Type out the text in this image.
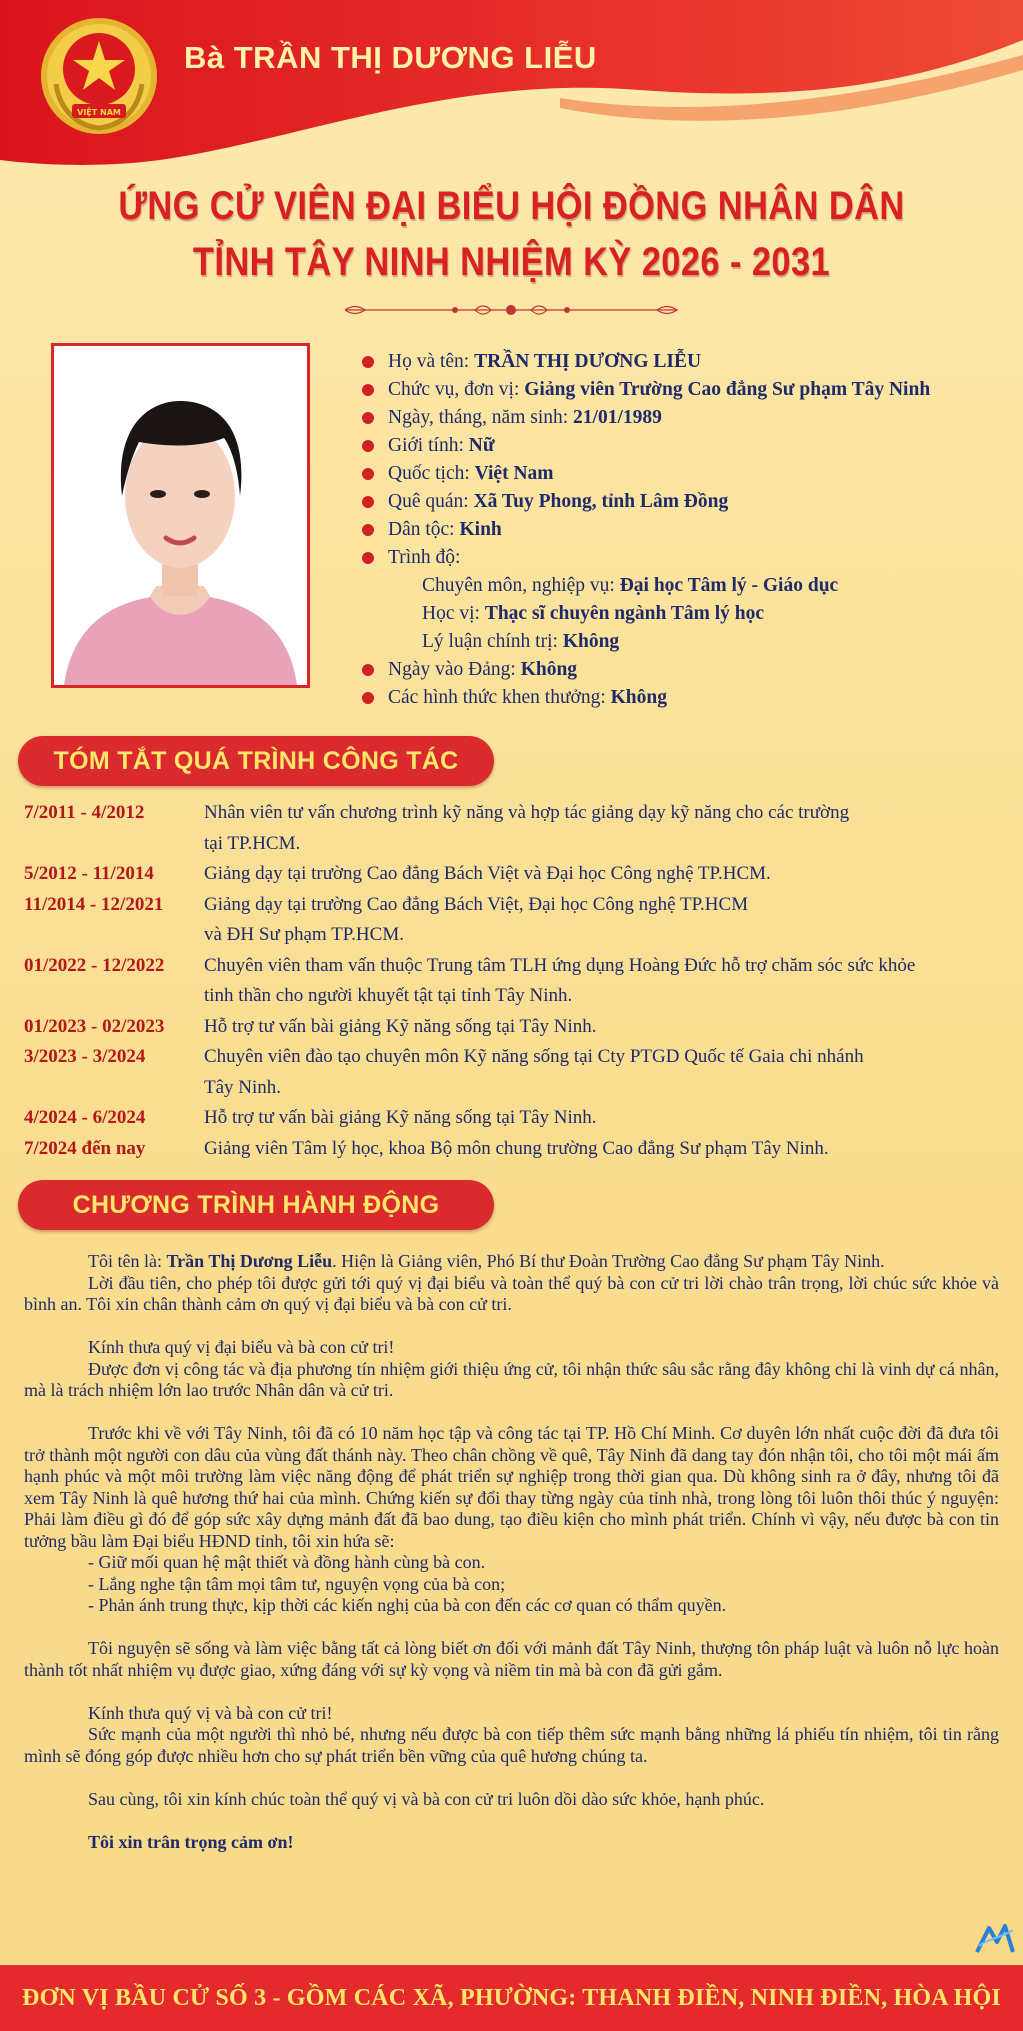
VIỆT NAM
Bà TRẦN THỊ DƯƠNG LIỄU
ỨNG CỬ VIÊN ĐẠI BIỂU HỘI ĐỒNG NHÂN DÂN
TỈNH TÂY NINH NHIỆM KỲ 2026 - 2031
Họ và tên: TRẦN THỊ DƯƠNG LIỄU
Chức vụ, đơn vị: Giảng viên Trường Cao đẳng Sư phạm Tây Ninh
Ngày, tháng, năm sinh: 21/01/1989
Giới tính: Nữ
Quốc tịch: Việt Nam
Quê quán: Xã Tuy Phong, tỉnh Lâm Đồng
Dân tộc: Kinh
Trình độ:
Chuyên môn, nghiệp vụ: Đại học Tâm lý - Giáo dục
Học vị: Thạc sĩ chuyên ngành Tâm lý học
Lý luận chính trị: Không
Ngày vào Đảng: Không
Các hình thức khen thưởng: Không
TÓM TẮT QUÁ TRÌNH CÔNG TÁC
7/2011 - 4/2012	Nhân viên tư vấn chương trình kỹ năng và hợp tác giảng dạy kỹ năng cho các trường
tại TP.HCM.
5/2012 - 11/2014	Giảng dạy tại trường Cao đẳng Bách Việt và Đại học Công nghệ TP.HCM.
11/2014 - 12/2021	Giảng dạy tại trường Cao đẳng Bách Việt, Đại học Công nghệ TP.HCM
và ĐH Sư phạm TP.HCM.
01/2022 - 12/2022	Chuyên viên tham vấn thuộc Trung tâm TLH ứng dụng Hoàng Đức hỗ trợ chăm sóc sức khỏe
tinh thần cho người khuyết tật tại tỉnh Tây Ninh.
01/2023 - 02/2023	Hỗ trợ tư vấn bài giảng Kỹ năng sống tại Tây Ninh.
3/2023 - 3/2024	Chuyên viên đào tạo chuyên môn Kỹ năng sống tại Cty PTGD Quốc tế Gaia chi nhánh
Tây Ninh.
4/2024 - 6/2024	Hỗ trợ tư vấn bài giảng Kỹ năng sống tại Tây Ninh.
7/2024 đến nay	Giảng viên Tâm lý học, khoa Bộ môn chung trường Cao đẳng Sư phạm Tây Ninh.
CHƯƠNG TRÌNH HÀNH ĐỘNG

Tôi tên là: Trần Thị Dương Liễu. Hiện là Giảng viên, Phó Bí thư Đoàn Trường Cao đẳng Sư phạm Tây Ninh.

Lời đầu tiên, cho phép tôi được gửi tới quý vị đại biểu và toàn thể quý bà con cử tri lời chào trân trọng, lời chúc sức khỏe và bình an. Tôi xin chân thành cảm ơn quý vị đại biểu và bà con cử tri.

Kính thưa quý vị đại biểu và bà con cử tri!

Được đơn vị công tác và địa phương tín nhiệm giới thiệu ứng cử, tôi nhận thức sâu sắc rằng đây không chỉ là vinh dự cá nhân, mà là trách nhiệm lớn lao trước Nhân dân và cử tri.

Trước khi về với Tây Ninh, tôi đã có 10 năm học tập và công tác tại TP. Hồ Chí Minh. Cơ duyên lớn nhất cuộc đời đã đưa tôi trở thành một người con dâu của vùng đất thánh này. Theo chân chồng về quê, Tây Ninh đã dang tay đón nhận tôi, cho tôi một mái ấm hạnh phúc và một môi trường làm việc năng động để phát triển sự nghiệp trong thời gian qua. Dù không sinh ra ở đây, nhưng tôi đã xem Tây Ninh là quê hương thứ hai của mình. Chứng kiến sự đổi thay từng ngày của tỉnh nhà, trong lòng tôi luôn thôi thúc ý nguyện: Phải làm điều gì đó để góp sức xây dựng mảnh đất đã bao dung, tạo điều kiện cho mình phát triển. Chính vì vậy, nếu được bà con tin tưởng bầu làm Đại biểu HĐND tỉnh, tôi xin hứa sẽ:

- Giữ mối quan hệ mật thiết và đồng hành cùng bà con.

- Lắng nghe tận tâm mọi tâm tư, nguyện vọng của bà con;

- Phản ánh trung thực, kịp thời các kiến nghị của bà con đến các cơ quan có thẩm quyền.

Tôi nguyện sẽ sống và làm việc bằng tất cả lòng biết ơn đối với mảnh đất Tây Ninh, thượng tôn pháp luật và luôn nỗ lực hoàn thành tốt nhất nhiệm vụ được giao, xứng đáng với sự kỳ vọng và niềm tin mà bà con đã gửi gắm.

Kính thưa quý vị và bà con cử tri!

Sức mạnh của một người thì nhỏ bé, nhưng nếu được bà con tiếp thêm sức mạnh bằng những lá phiếu tín nhiệm, tôi tin rằng mình sẽ đóng góp được nhiều hơn cho sự phát triển bền vững của quê hương chúng ta.

Sau cùng, tôi xin kính chúc toàn thể quý vị và bà con cử tri luôn dồi dào sức khỏe, hạnh phúc.

Tôi xin trân trọng cảm ơn!

ĐƠN VỊ BẦU CỬ SỐ 3 - GỒM CÁC XÃ, PHƯỜNG: THANH ĐIỀN, NINH ĐIỀN, HÒA HỘI
